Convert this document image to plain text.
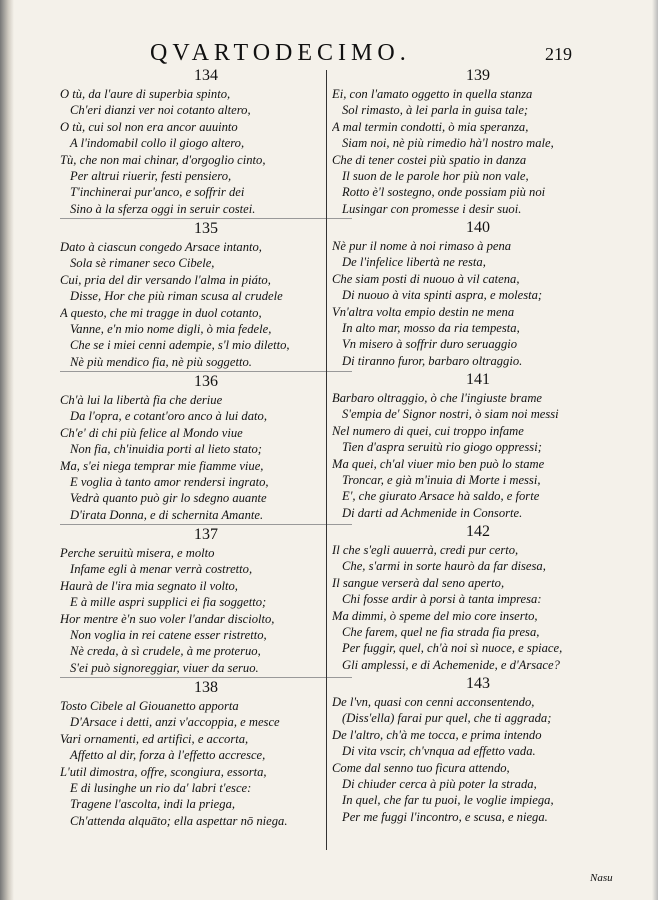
QVARTODECIMO.	219
134
O tù, da l'aure di superbia spinto,
Ch'eri dianzi ver noi cotanto altero,
O tù, cui sol non era ancor auuinto
A l'indomabil collo il giogo altero,
Tù, che non mai chinar, d'orgoglio cinto,
Per altrui riuerir, festi pensiero,
T'inchinerai pur'anco, e soffrir dei
Sino à la sferza oggi in seruir costei.
135
Dato à ciascun congedo Arsace intanto,
Sola sè rimaner seco Cibele,
Cui, pria del dir versando l'alma in piáto,
Disse, Hor che più riman scusa al crudele
A questo, che mi tragge in duol cotanto,
Vanne, e'n mio nome digli, ò mia fedele,
Che se i miei cenni adempie, s'l mio diletto,
Nè più mendico fia, nè più soggetto.
136
Ch'à lui la libertà fia che deriue
Da l'opra, e cotant'oro anco à lui dato,
Ch'e' di chi più felice al Mondo viue
Non fia, ch'inuidia porti al lieto stato;
Ma, s'ei niega temprar mie fiamme viue,
E voglia à tanto amor rendersi ingrato,
Vedrà quanto può gir lo sdegno auante
D'irata Donna, e di schernita Amante.
137
Perche seruitù misera, e molto
Infame egli à menar verrà costretto,
Haurà de l'ira mia segnato il volto,
E à mille aspri supplici ei fia soggetto;
Hor mentre è'n suo voler l'andar disciolto,
Non voglia in rei catene esser ristretto,
Nè creda, à sì crudele, à me proteruo,
S'ei può signoreggiar, viuer da seruo.
138
Tosto Cibele al Giouanetto apporta
D'Arsace i detti, anzi v'accoppia, e mesce
Vari ornamenti, ed artifici, e accorta,
Affetto al dir, forza à l'effetto accresce,
L'util dimostra, offre, scongiura, essorta,
E di lusinghe un rio da' labri t'esce:
Tragene l'ascolta, indi la priega,
Ch'attenda alquāto; ella aspettar nō niega.
139
Ei, con l'amato oggetto in quella stanza
Sol rimasto, à lei parla in guisa tale;
A mal termin condotti, ò mia speranza,
Siam noi, nè più rimedio hà'l nostro male,
Che di tener costei più spatio in danza
Il suon de le parole hor più non vale,
Rotto è'l sostegno, onde possiam più noi
Lusingar con promesse i desir suoi.
140
Nè pur il nome à noi rimaso à pena
De l'infelice libertà ne resta,
Che siam posti di nuouo à vil catena,
Di nuouo à vita spinti aspra, e molesta;
Vn'altra volta empio destin ne mena
In alto mar, mosso da ria tempesta,
Vn misero à soffrir duro seruaggio
Di tiranno furor, barbaro oltraggio.
141
Barbaro oltraggio, ò che l'ingiuste brame
S'empia de' Signor nostri, ò siam noi messi
Nel numero di quei, cui troppo infame
Tien d'aspra seruitù rio giogo oppressi;
Ma quei, ch'al viuer mio ben può lo stame
Troncar, e già m'inuia di Morte i messi,
E', che giurato Arsace hà saldo, e forte
Di darti ad Achmenide in Consorte.
142
Il che s'egli auuerrà, credi pur certo,
Che, s'armi in sorte haurò da far disesa,
Il sangue verserà dal seno aperto,
Chi fosse ardir à porsi à tanta impresa:
Ma dimmi, ò speme del mio core inserto,
Che farem, quel ne fia strada fia presa,
Per fuggir, quel, ch'à noi sì nuoce, e spiace,
Gli amplessi, e di Achemenide, e d'Arsace?
143
De l'vn, quasi con cenni acconsentendo,
(Diss'ella) farai pur quel, che ti aggrada;
De l'altro, ch'à me tocca, e prima intendo
Di vita vscir, ch'vnqua ad effetto vada.
Come dal senno tuo ficura attendo,
Di chiuder cerca à più poter la strada,
In quel, che far tu puoi, le voglie impiega,
Per me fuggi l'incontro, e scusa, e niega.
Nasu
